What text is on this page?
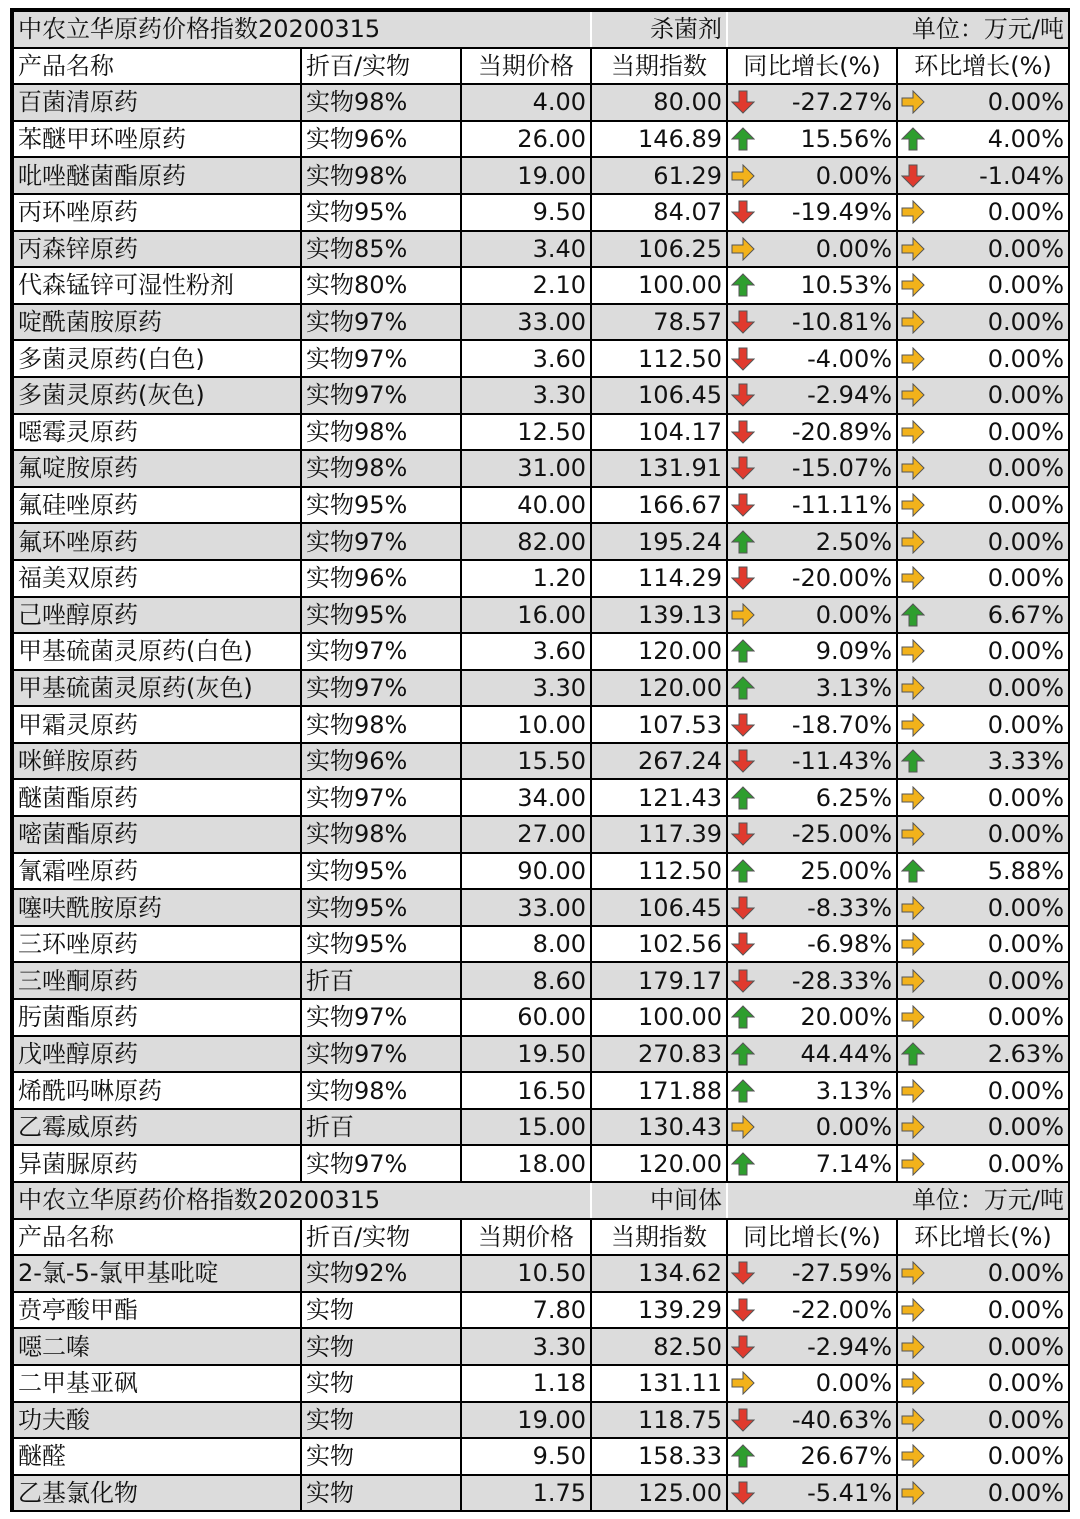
中农立华原药价格指数20200315			杀菌剂	单位：万元/吨	
产品名称	折百/实物	当期价格	当期指数	同比增长(%)	环比增长(%)
百菌清原药	实物98%	4.00	80.00	-27.27%	0.00%
苯醚甲环唑原药	实物96%	26.00	146.89	15.56%	4.00%
吡唑醚菌酯原药	实物98%	19.00	61.29	0.00%	-1.04%
丙环唑原药	实物95%	9.50	84.07	-19.49%	0.00%
丙森锌原药	实物85%	3.40	106.25	0.00%	0.00%
代森锰锌可湿性粉剂	实物80%	2.10	100.00	10.53%	0.00%
啶酰菌胺原药	实物97%	33.00	78.57	-10.81%	0.00%
多菌灵原药(白色)	实物97%	3.60	112.50	-4.00%	0.00%
多菌灵原药(灰色)	实物97%	3.30	106.45	-2.94%	0.00%
噁霉灵原药	实物98%	12.50	104.17	-20.89%	0.00%
氟啶胺原药	实物98%	31.00	131.91	-15.07%	0.00%
氟硅唑原药	实物95%	40.00	166.67	-11.11%	0.00%
氟环唑原药	实物97%	82.00	195.24	2.50%	0.00%
福美双原药	实物96%	1.20	114.29	-20.00%	0.00%
己唑醇原药	实物95%	16.00	139.13	0.00%	6.67%
甲基硫菌灵原药(白色)	实物97%	3.60	120.00	9.09%	0.00%
甲基硫菌灵原药(灰色)	实物97%	3.30	120.00	3.13%	0.00%
甲霜灵原药	实物98%	10.00	107.53	-18.70%	0.00%
咪鲜胺原药	实物96%	15.50	267.24	-11.43%	3.33%
醚菌酯原药	实物97%	34.00	121.43	6.25%	0.00%
嘧菌酯原药	实物98%	27.00	117.39	-25.00%	0.00%
氰霜唑原药	实物95%	90.00	112.50	25.00%	5.88%
噻呋酰胺原药	实物95%	33.00	106.45	-8.33%	0.00%
三环唑原药	实物95%	8.00	102.56	-6.98%	0.00%
三唑酮原药	折百	8.60	179.17	-28.33%	0.00%
肟菌酯原药	实物97%	60.00	100.00	20.00%	0.00%
戊唑醇原药	实物97%	19.50	270.83	44.44%	2.63%
烯酰吗啉原药	实物98%	16.50	171.88	3.13%	0.00%
乙霉威原药	折百	15.00	130.43	0.00%	0.00%
异菌脲原药	实物97%	18.00	120.00	7.14%	0.00%
中农立华原药价格指数20200315			中间体	单位：万元/吨	
产品名称	折百/实物	当期价格	当期指数	同比增长(%)	环比增长(%)
2-氯-5-氯甲基吡啶	实物92%	10.50	134.62	-27.59%	0.00%
贲亭酸甲酯	实物	7.80	139.29	-22.00%	0.00%
噁二嗪	实物	3.30	82.50	-2.94%	0.00%
二甲基亚砜	实物	1.18	131.11	0.00%	0.00%
功夫酸	实物	19.00	118.75	-40.63%	0.00%
醚醛	实物	9.50	158.33	26.67%	0.00%
乙基氯化物	实物	1.75	125.00	-5.41%	0.00%
